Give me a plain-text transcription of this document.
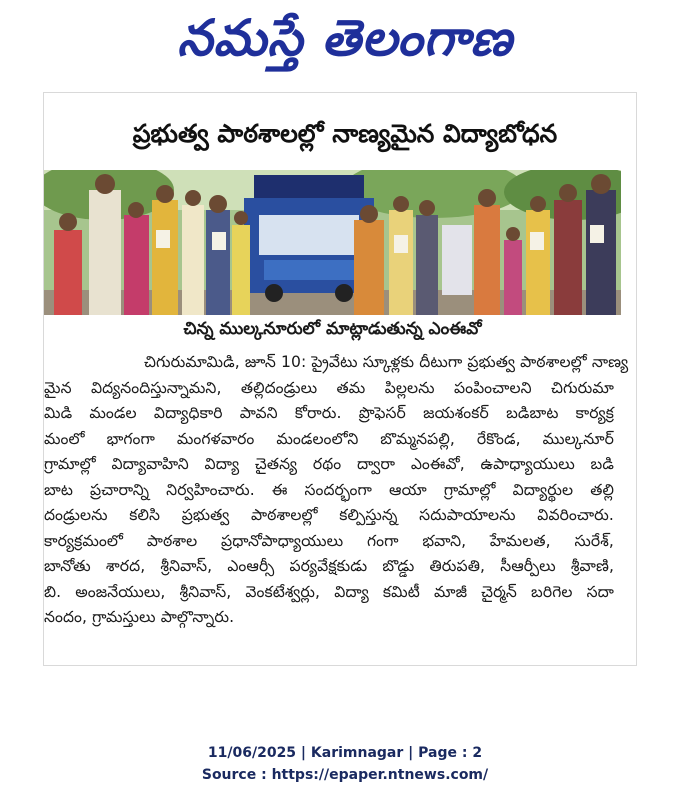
నమస్తే తెలంగాణ
ప్రభుత్వ పాఠశాలల్లో నాణ్యమైన విద్యాబోధన
చిన్న ముల్కనూరులో మాట్లాడుతున్న ఎంఈవో
చిగురుమామిడి, జూన్ 10: ప్రైవేటు స్కూళ్లకు దీటుగా ప్రభుత్వ పాఠశాలల్లో నాణ్య
మైన విద్యనందిస్తున్నామని, తల్లిదండ్రులు తమ పిల్లలను పంపించాలని చిగురుమా
మిడి మండల విద్యాధికారి పావని కోరారు. ప్రొఫెసర్ జయశంకర్ బడిబాట కార్యక్ర
మంలో భాగంగా మంగళవారం మండలంలోని బొమ్మనపల్లి, రేకొండ, ముల్కనూర్
గ్రామాల్లో విద్యావాహిని విద్యా చైతన్య రథం ద్వారా ఎంఈవో, ఉపాధ్యాయులు బడి
బాట ప్రచారాన్ని నిర్వహించారు. ఈ సందర్భంగా ఆయా గ్రామాల్లో విద్యార్థుల తల్లి
దండ్రులను కలిసి ప్రభుత్వ పాఠశాలల్లో కల్పిస్తున్న సదుపాయాలను వివరించారు.
కార్యక్రమంలో పాఠశాల ప్రధానోపాధ్యాయులు గంగా భవాని, హేమలత, సురేశ్,
బానోతు శారద, శ్రీనివాస్, ఎంఆర్సీ పర్యవేక్షకుడు బొడ్డు తిరుపతి, సీఆర్పీలు శ్రీవాణి,
బి. అంజనేయులు, శ్రీనివాస్, వెంకటేశ్వర్లు, విద్యా కమిటీ మాజీ చైర్మన్ బరిగెల సదా
నందం, గ్రామస్తులు పాల్గొన్నారు.
11/06/2025 | Karimnagar | Page : 2
Source : https://epaper.ntnews.com/
